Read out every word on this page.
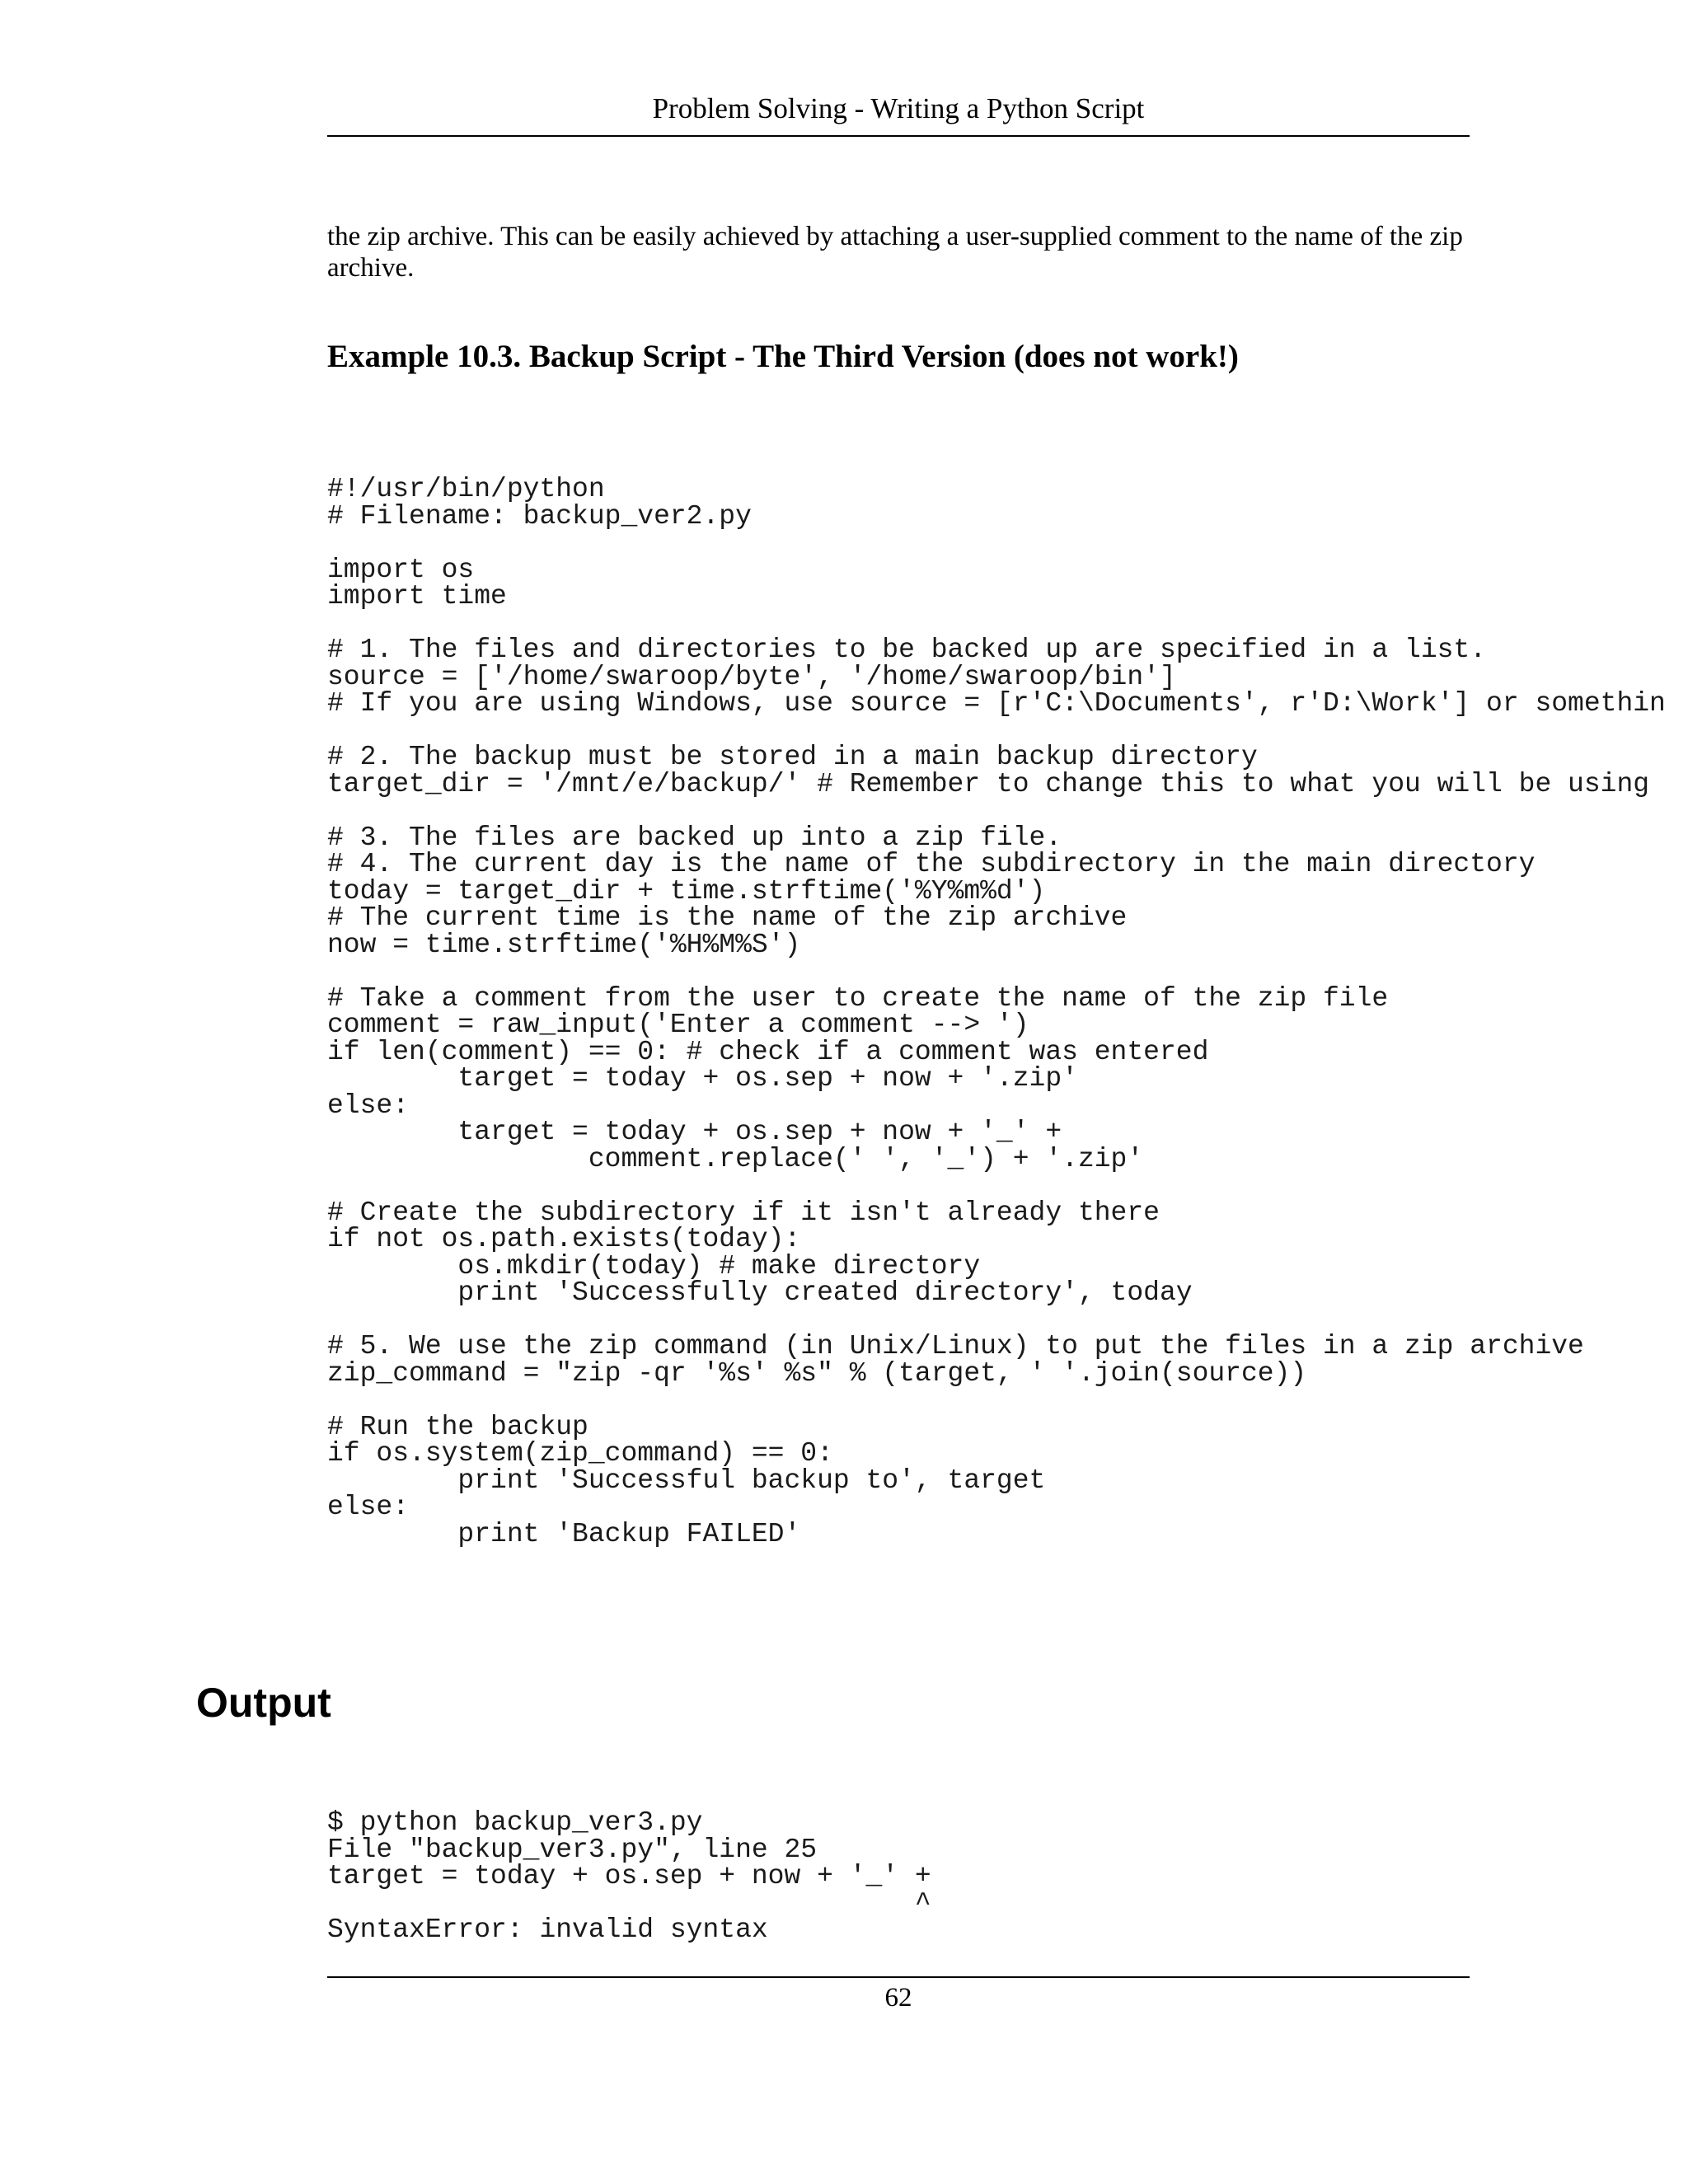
Problem Solving - Writing a Python Script
the zip archive. This can be easily achieved by attaching a user-supplied comment to the name of the zip archive.
Example 10.3. Backup Script - The Third Version (does not work!)
#!/usr/bin/python
# Filename: backup_ver2.py

import os
import time

# 1. The files and directories to be backed up are specified in a list.
source = ['/home/swaroop/byte', '/home/swaroop/bin']
# If you are using Windows, use source = [r'C:\Documents', r'D:\Work'] or somethin

# 2. The backup must be stored in a main backup directory
target_dir = '/mnt/e/backup/' # Remember to change this to what you will be using

# 3. The files are backed up into a zip file.
# 4. The current day is the name of the subdirectory in the main directory
today = target_dir + time.strftime('%Y%m%d')
# The current time is the name of the zip archive
now = time.strftime('%H%M%S')

# Take a comment from the user to create the name of the zip file
comment = raw_input('Enter a comment --> ')
if len(comment) == 0: # check if a comment was entered
target = today + os.sep + now + '.zip'
else:
target = today + os.sep + now + '_' +
comment.replace(' ', '_') + '.zip'

# Create the subdirectory if it isn't already there
if not os.path.exists(today):
os.mkdir(today) # make directory
print 'Successfully created directory', today

# 5. We use the zip command (in Unix/Linux) to put the files in a zip archive
zip_command = "zip -qr '%s' %s" % (target, ' '.join(source))

# Run the backup
if os.system(zip_command) == 0:
print 'Successful backup to', target
else:
print 'Backup FAILED'
Output
$ python backup_ver3.py
File "backup_ver3.py", line 25
target = today + os.sep + now + '_' +
^
SyntaxError: invalid syntax
62
